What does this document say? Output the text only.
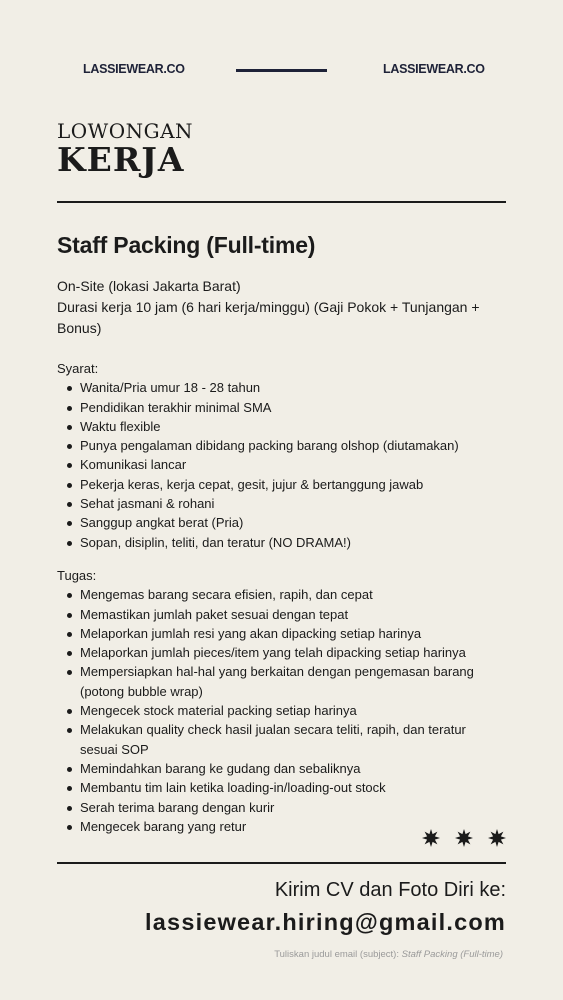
LASSIEWEAR.CO	LASSIEWEAR.CO
LOWONGAN
KERJA
Staff Packing (Full-time)
On-Site (lokasi Jakarta Barat)
Durasi kerja 10 jam (6 hari kerja/minggu) (Gaji Pokok + Tunjangan + Bonus)
Syarat:
Wanita/Pria umur 18 - 28 tahun
Pendidikan terakhir minimal SMA
Waktu flexible
Punya pengalaman dibidang packing barang olshop (diutamakan)
Komunikasi lancar
Pekerja keras, kerja cepat, gesit, jujur & bertanggung jawab
Sehat jasmani & rohani
Sanggup angkat berat (Pria)
Sopan, disiplin, teliti, dan teratur (NO DRAMA!)
Tugas:
Mengemas barang secara efisien, rapih, dan cepat
Memastikan jumlah paket sesuai dengan tepat
Melaporkan jumlah resi yang akan dipacking setiap harinya
Melaporkan jumlah pieces/item yang telah dipacking setiap harinya
Mempersiapkan hal-hal yang berkaitan dengan pengemasan barang (potong bubble wrap)
Mengecek stock material packing setiap harinya
Melakukan quality check hasil jualan secara teliti, rapih, dan teratur sesuai SOP
Memindahkan barang ke gudang dan sebaliknya
Membantu tim lain ketika loading-in/loading-out stock
Serah terima barang dengan kurir
Mengecek barang yang retur
Kirim CV dan Foto Diri ke:
lassiewear.hiring@gmail.com
Tuliskan judul email (subject): Staff Packing (Full-time)
